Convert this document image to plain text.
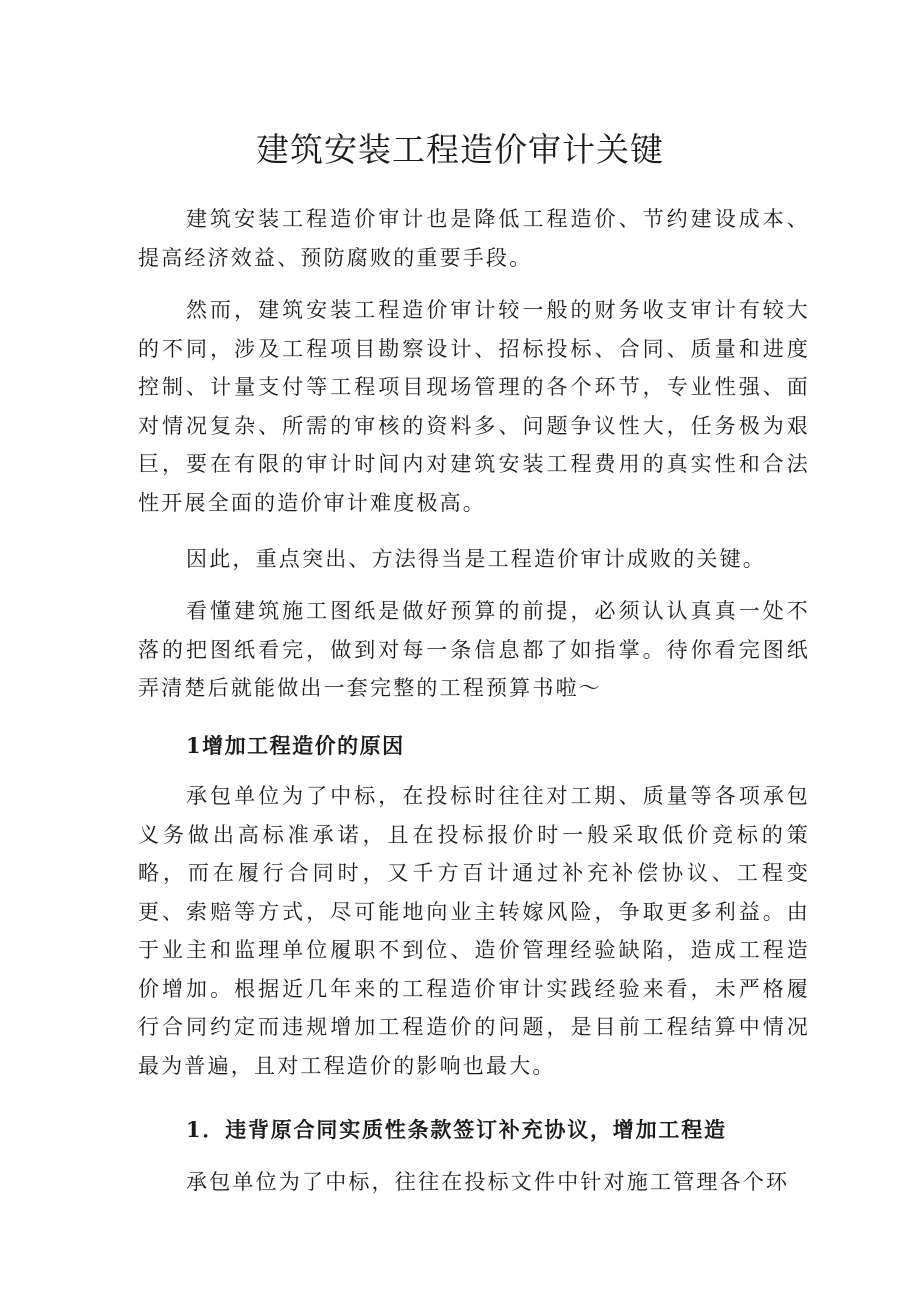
建筑安装工程造价审计关键

建筑安装工程造价审计也是降低工程造价、节约建设成本、提高经济效益、预防腐败的重要手段。

然而，建筑安装工程造价审计较一般的财务收支审计有较大的不同，涉及工程项目勘察设计、招标投标、合同、质量和进度控制、计量支付等工程项目现场管理的各个环节，专业性强、面对情况复杂、所需的审核的资料多、问题争议性大，任务极为艰巨，要在有限的审计时间内对建筑安装工程费用的真实性和合法性开展全面的造价审计难度极高。

因此，重点突出、方法得当是工程造价审计成败的关键。

看懂建筑施工图纸是做好预算的前提，必须认认真真一处不落的把图纸看完，做到对每一条信息都了如指掌。待你看完图纸弄清楚后就能做出一套完整的工程预算书啦～

1增加工程造价的原因

承包单位为了中标，在投标时往往对工期、质量等各项承包义务做出高标准承诺，且在投标报价时一般采取低价竞标的策略，而在履行合同时，又千方百计通过补充补偿协议、工程变更、索赔等方式，尽可能地向业主转嫁风险，争取更多利益。由于业主和监理单位履职不到位、造价管理经验缺陷，造成工程造价增加。根据近几年来的工程造价审计实践经验来看，未严格履行合同约定而违规增加工程造价的问题，是目前工程结算中情况最为普遍，且对工程造价的影响也最大。

1．违背原合同实质性条款签订补充协议，增加工程造

承包单位为了中标，往往在投标文件中针对施工管理各个环
